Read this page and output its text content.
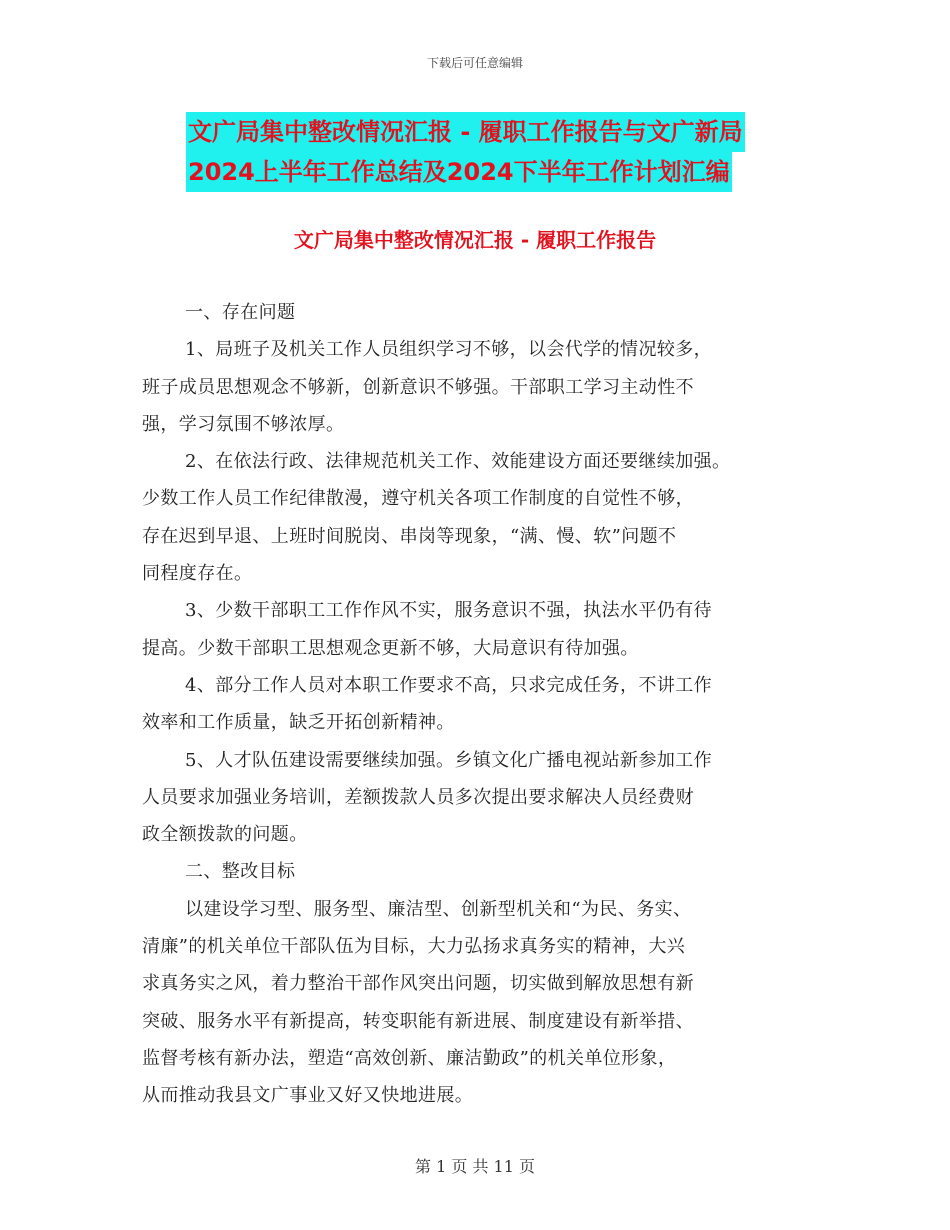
下载后可任意编辑
文广局集中整改情况汇报 - 履职工作报告与文广新局
2024上半年工作总结及2024下半年工作计划汇编
文广局集中整改情况汇报 - 履职工作报告

一、存在问题

1、局班子及机关工作人员组织学习不够，以会代学的情况较多，
班子成员思想观念不够新，创新意识不够强。干部职工学习主动性不
强，学习氛围不够浓厚。

2、在依法行政、法律规范机关工作、效能建设方面还要继续加强。
少数工作人员工作纪律散漫，遵守机关各项工作制度的自觉性不够，
存在迟到早退、上班时间脱岗、串岗等现象，“满、慢、软”问题不
同程度存在。

3、少数干部职工工作作风不实，服务意识不强，执法水平仍有待
提高。少数干部职工思想观念更新不够，大局意识有待加强。

4、部分工作人员对本职工作要求不高，只求完成任务，不讲工作
效率和工作质量，缺乏开拓创新精神。

5、人才队伍建设需要继续加强。乡镇文化广播电视站新参加工作
人员要求加强业务培训，差额拨款人员多次提出要求解决人员经费财
政全额拨款的问题。

二、整改目标

以建设学习型、服务型、廉洁型、创新型机关和“为民、务实、
清廉”的机关单位干部队伍为目标，大力弘扬求真务实的精神，大兴
求真务实之风，着力整治干部作风突出问题，切实做到解放思想有新
突破、服务水平有新提高，转变职能有新进展、制度建设有新举措、
监督考核有新办法，塑造“高效创新、廉洁勤政”的机关单位形象，
从而推动我县文广事业又好又快地进展。

第 1 页 共 11 页
